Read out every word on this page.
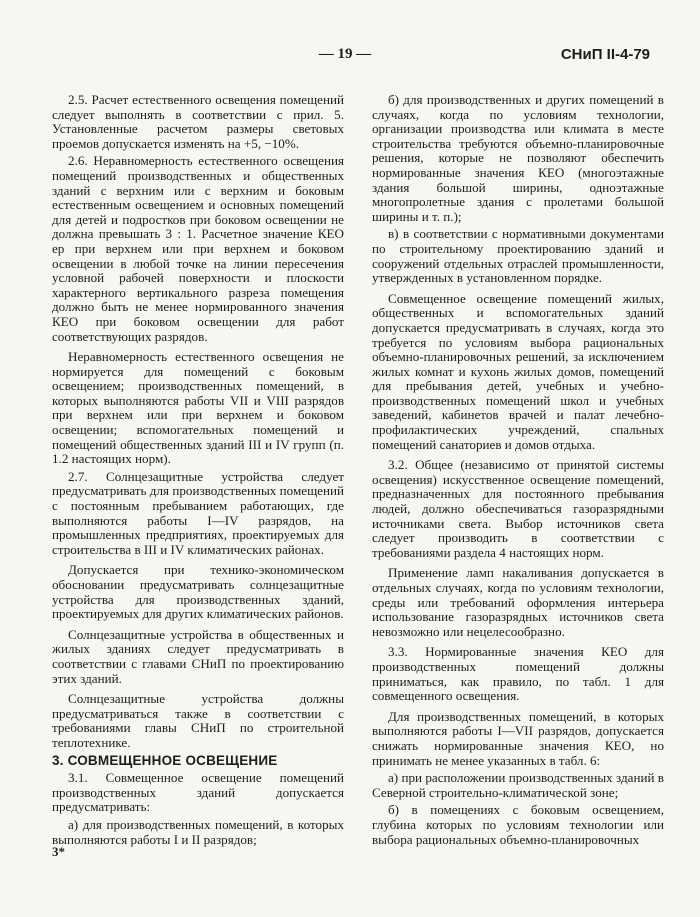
— 19 —	СНиП II-4-79

2.5. Расчет естественного освещения помещений следует выполнять в соответствии с прил. 5. Установленные расчетом размеры световых проемов допускается изменять на +5, −10%.

2.6. Неравномерность естественного освещения помещений производственных и общественных зданий с верхним или с верхним и боковым естественным освещением и основных помещений для детей и подростков при боковом освещении не должна превышать 3 : 1. Расчетное значение КЕО eр при верхнем или при верхнем и боковом освещении в любой точке на линии пересечения условной рабочей поверхности и плоскости характерного вертикального разреза помещения должно быть не менее нормированного значения КЕО при боковом освещении для работ соответствующих разрядов.

Неравномерность естественного освещения не нормируется для помещений с боковым освещением; производственных помещений, в которых выполняются работы VII и VIII разрядов при верхнем или при верхнем и боковом освещении; вспомогательных помещений и помещений общественных зданий III и IV групп (п. 1.2 настоящих норм).

2.7. Солнцезащитные устройства следует предусматривать для производственных помещений с постоянным пребыванием работающих, где выполняются работы I—IV разрядов, на промышленных предприятиях, проектируемых для строительства в III и IV климатических районах.

Допускается при технико-экономическом обосновании предусматривать солнцезащитные устройства для производственных зданий, проектируемых для других климатических районов.

Солнцезащитные устройства в общественных и жилых зданиях следует предусматривать в соответствии с главами СНиП по проектированию этих зданий.

Солнцезащитные устройства должны предусматриваться также в соответствии с требованиями главы СНиП по строительной теплотехнике.

3. СОВМЕЩЕННОЕ ОСВЕЩЕНИЕ

3.1. Совмещенное освещение помещений производственных зданий допускается предусматривать:

а) для производственных помещений, в которых выполняются работы I и II разрядов;

б) для производственных и других помещений в случаях, когда по условиям технологии, организации производства или климата в месте строительства требуются объемно-планировочные решения, которые не позволяют обеспечить нормированные значения КЕО (многоэтажные здания большой ширины, одноэтажные многопролетные здания с пролетами большой ширины и т. п.);

в) в соответствии с нормативными документами по строительному проектированию зданий и сооружений отдельных отраслей промышленности, утвержденных в установленном порядке.

Совмещенное освещение помещений жилых, общественных и вспомогательных зданий допускается предусматривать в случаях, когда это требуется по условиям выбора рациональных объемно-планировочных решений, за исключением жилых комнат и кухонь жилых домов, помещений для пребывания детей, учебных и учебно-производственных помещений школ и учебных заведений, кабинетов врачей и палат лечебно-профилактических учреждений, спальных помещений санаториев и домов отдыха.

3.2. Общее (независимо от принятой системы освещения) искусственное освещение помещений, предназначенных для постоянного пребывания людей, должно обеспечиваться газоразрядными источниками света. Выбор источников света следует производить в соответствии с требованиями раздела 4 настоящих норм.

Применение ламп накаливания допускается в отдельных случаях, когда по условиям технологии, среды или требований оформления интерьера использование газоразрядных источников света невозможно или нецелесообразно.

3.3. Нормированные значения КЕО для производственных помещений должны приниматься, как правило, по табл. 1 для совмещенного освещения.

Для производственных помещений, в которых выполняются работы I—VII разрядов, допускается снижать нормированные значения КЕО, но принимать не менее указанных в табл. 6:

а) при расположении производственных зданий в Северной строительно-климатической зоне;

б) в помещениях с боковым освещением, глубина которых по условиям технологии или выбора рациональных объемно-планировочных

3*
